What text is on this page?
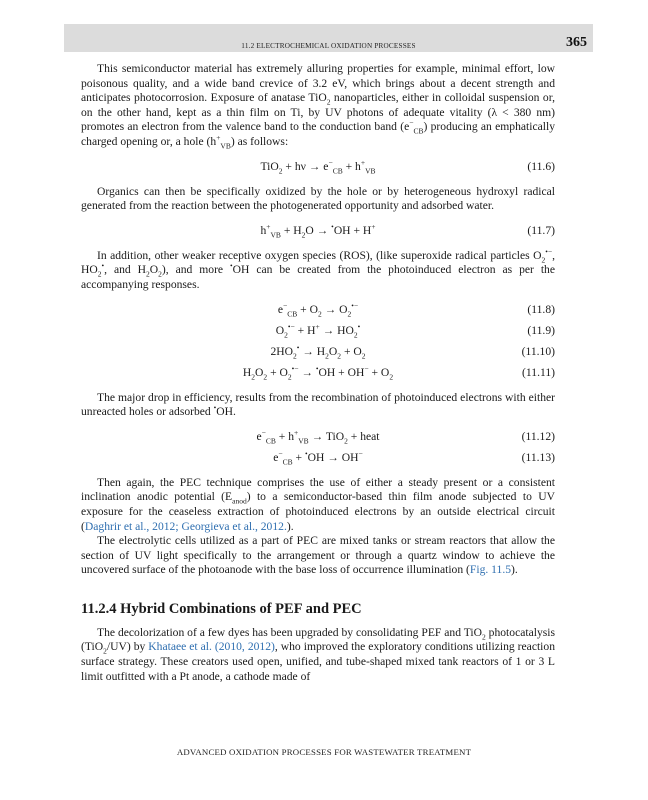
11.2 ELECTROCHEMICAL OXIDATION PROCESSES	365

This semiconductor material has extremely alluring properties for example, minimal effort, low poisonous quality, and a wide band crevice of 3.2 eV, which brings about a decent strength and anticipates photocorrosion. Exposure of anatase TiO$_2$ nanoparticles, either in colloidal suspension or, on the other hand, kept as a thin film on Ti, by UV photons of adequate vitality (λ < 380 nm) promotes an electron from the valence band to the conduction band $(e^-_{CB})$ producing an emphatically charged opening or, a hole $(h^+_{VB})$ as follows:

$TiO_2 + h\nu \to e^-_{CB} + h^+_{VB}$	(11.6)

Organics can then be specifically oxidized by the hole or by heterogeneous hydroxyl radical generated from the reaction between the photogenerated opportunity and adsorbed water.

$h^+_{VB} + H_2O \to ^•OH + H^+$	(11.7)

In addition, other weaker receptive oxygen species (ROS), (like superoxide radical particles $O_2^{•-}$, $HO_2^•$, and $H_2O_2$), and more •OH can be created from the photoinduced electron as per the accompanying responses.

$e^-_{CB} + O_2 \to O_2^{•-}$	(11.8)
$O_2^{•-} + H^+ \to HO_2^•$	(11.9)
$2HO_2^• \to H_2O_2 + O_2$	(11.10)
$H_2O_2 + O_2^{•-} \to ^•OH + OH^- + O_2$	(11.11)

The major drop in efficiency, results from the recombination of photoinduced electrons with either unreacted holes or adsorbed •OH.

$e^-_{CB} + h^+_{VB} \to TiO_2$ + heat	(11.12)
$e^-_{CB} + ^•OH \to OH^-$	(11.13)

Then again, the PEC technique comprises the use of either a steady present or a consistent inclination anodic potential $(E_{anod})$ to a semiconductor-based thin film anode subjected to UV exposure for the ceaseless extraction of photoinduced electrons by an outside electrical circuit (Daghrir et al., 2012; Georgieva et al., 2012.).

The electrolytic cells utilized as a part of PEC are mixed tanks or stream reactors that allow the section of UV light specifically to the arrangement or through a quartz window to achieve the uncovered surface of the photoanode with the base loss of occurrence illumination (Fig. 11.5).

11.2.4 Hybrid Combinations of PEF and PEC

The decolorization of a few dyes has been upgraded by consolidating PEF and TiO$_2$ photocatalysis (TiO$_2$/UV) by Khataee et al. (2010, 2012), who improved the exploratory conditions utilizing reaction surface strategy. These creators used open, unified, and tube-shaped mixed tank reactors of 1 or 3 L limit outfitted with a Pt anode, a cathode made of

ADVANCED OXIDATION PROCESSES FOR WASTEWATER TREATMENT
